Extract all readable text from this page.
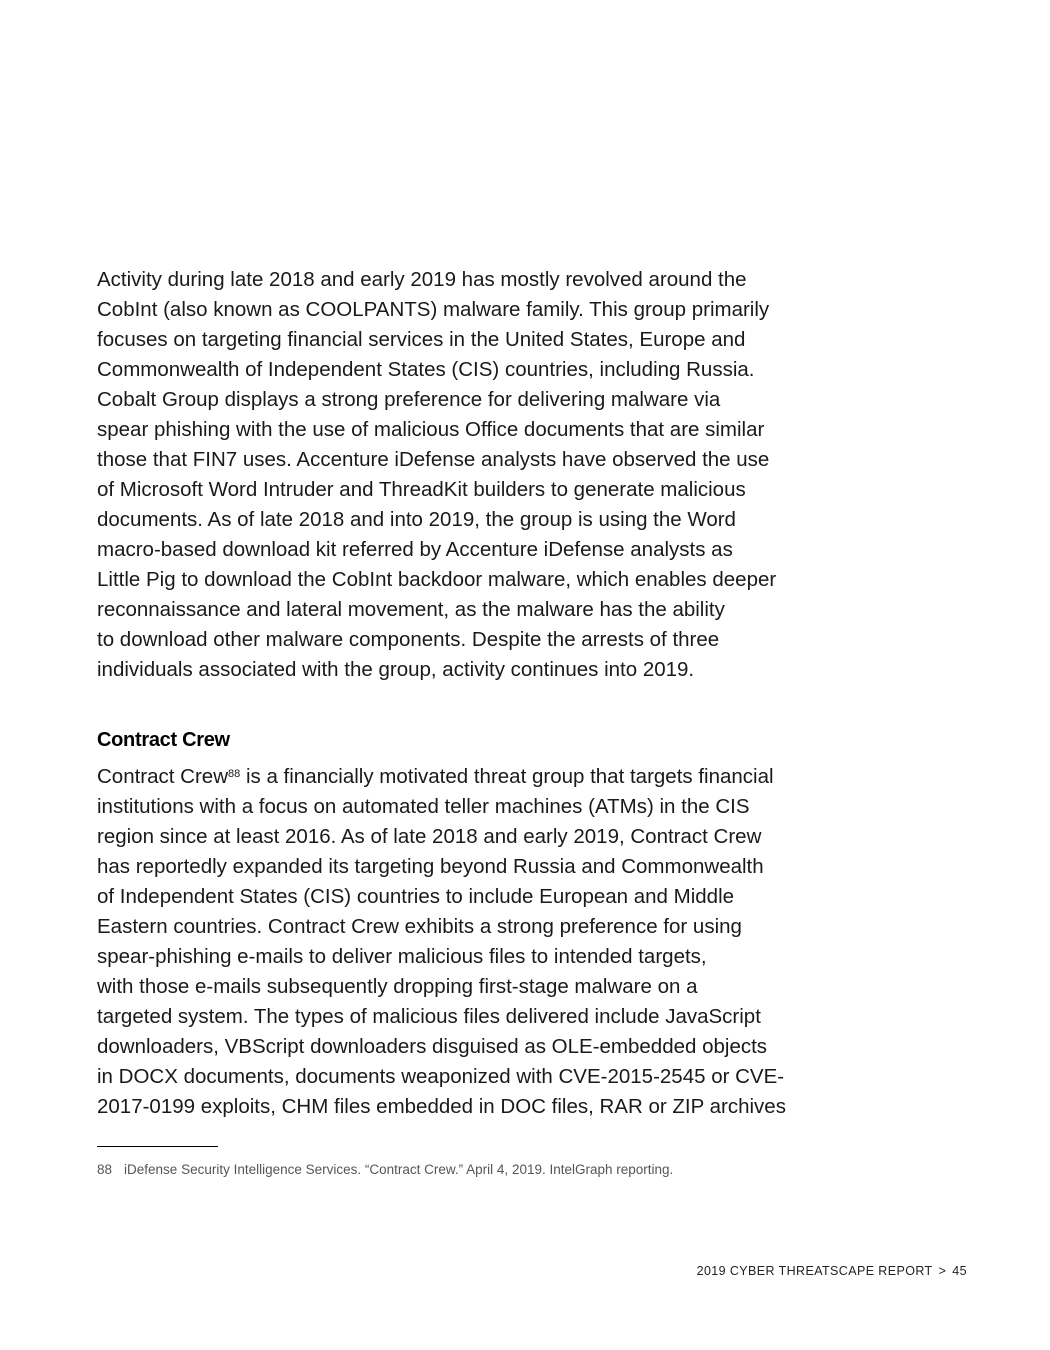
Activity during late 2018 and early 2019 has mostly revolved around the
CobInt (also known as COOLPANTS) malware family. This group primarily
focuses on targeting financial services in the United States, Europe and
Commonwealth of Independent States (CIS) countries, including Russia.
Cobalt Group displays a strong preference for delivering malware via
spear phishing with the use of malicious Office documents that are similar
those that FIN7 uses. Accenture iDefense analysts have observed the use
of Microsoft Word Intruder and ThreadKit builders to generate malicious
documents. As of late 2018 and into 2019, the group is using the Word
macro-based download kit referred by Accenture iDefense analysts as
Little Pig to download the CobInt backdoor malware, which enables deeper
reconnaissance and lateral movement, as the malware has the ability
to download other malware components. Despite the arrests of three
individuals associated with the group, activity continues into 2019.
Contract Crew
Contract Crew$^{88}$ is a financially motivated threat group that targets financial
institutions with a focus on automated teller machines (ATMs) in the CIS
region since at least 2016. As of late 2018 and early 2019, Contract Crew
has reportedly expanded its targeting beyond Russia and Commonwealth
of Independent States (CIS) countries to include European and Middle
Eastern countries. Contract Crew exhibits a strong preference for using
spear-phishing e-mails to deliver malicious files to intended targets,
with those e-mails subsequently dropping first-stage malware on a
targeted system. The types of malicious files delivered include JavaScript
downloaders, VBScript downloaders disguised as OLE-embedded objects
in DOCX documents, documents weaponized with CVE-2015-2545 or CVE-
2017-0199 exploits, CHM files embedded in DOC files, RAR or ZIP archives
88 iDefense Security Intelligence Services. “Contract Crew.” April 4, 2019. IntelGraph reporting.
2019 CYBER THREATSCAPE REPORT > 45
